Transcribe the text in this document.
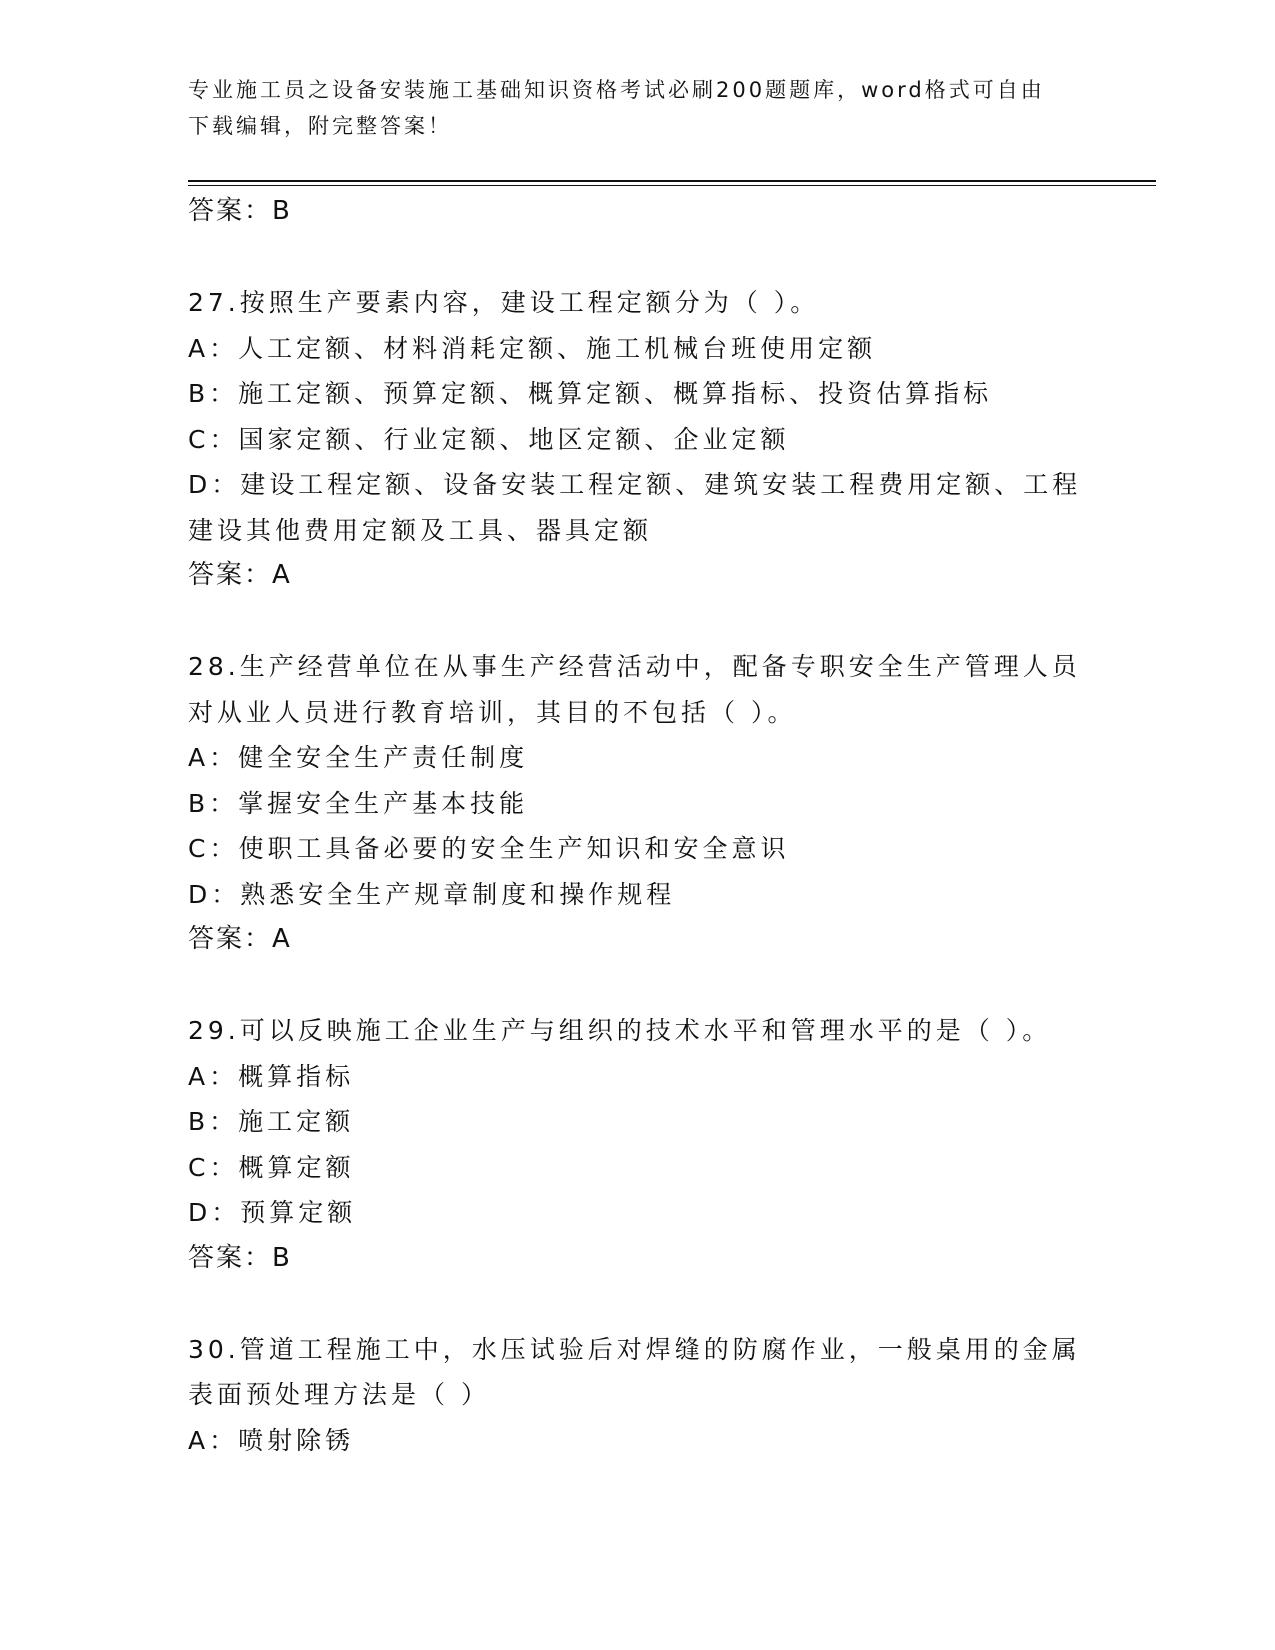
专业施工员之设备安装施工基础知识资格考试必刷200题题库，word格式可自由
下载编辑，附完整答案！
答案：B
27.按照生产要素内容，建设工程定额分为（ ）。
A：人工定额、材料消耗定额、施工机械台班使用定额
B：施工定额、预算定额、概算定额、概算指标、投资估算指标
C：国家定额、行业定额、地区定额、企业定额
D：建设工程定额、设备安装工程定额、建筑安装工程费用定额、工程
建设其他费用定额及工具、器具定额
答案：A
28.生产经营单位在从事生产经营活动中，配备专职安全生产管理人员
对从业人员进行教育培训，其目的不包括（ ）。
A：健全安全生产责任制度
B：掌握安全生产基本技能
C：使职工具备必要的安全生产知识和安全意识
D：熟悉安全生产规章制度和操作规程
答案：A
29.可以反映施工企业生产与组织的技术水平和管理水平的是（ ）。
A：概算指标
B：施工定额
C：概算定额
D：预算定额
答案：B
30.管道工程施工中，水压试验后对焊缝的防腐作业，一般桌用的金属
表面预处理方法是（ ）
A：喷射除锈
